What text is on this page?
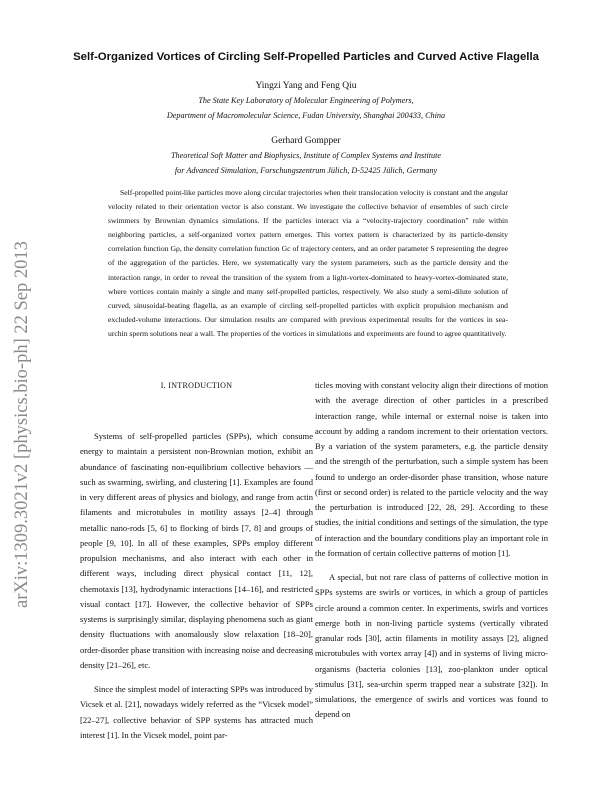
arXiv:1309.3021v2 [physics.bio-ph] 22 Sep 2013
Self-Organized Vortices of Circling Self-Propelled Particles and Curved Active Flagella
Yingzi Yang and Feng Qiu
The State Key Laboratory of Molecular Engineering of Polymers,
Department of Macromolecular Science, Fudan University, Shanghai 200433, China
Gerhard Gompper
Theoretical Soft Matter and Biophysics, Institute of Complex Systems and Institute
for Advanced Simulation, Forschungszentrum Jülich, D-52425 Jülich, Germany
Self-propelled point-like particles move along circular trajectories when their translocation velocity is constant and the angular velocity related to their orientation vector is also constant. We investigate the collective behavior of ensembles of such circle swimmers by Brownian dynamics simulations. If the particles interact via a “velocity-trajectory coordination” rule within neighboring particles, a self-organized vortex pattern emerges. This vortex pattern is characterized by its particle-density correlation function Gρ, the density correlation function Gc of trajectory centers, and an order parameter S representing the degree of the aggregation of the particles. Here, we systematically vary the system parameters, such as the particle density and the interaction range, in order to reveal the transition of the system from a light-vortex-dominated to heavy-vortex-dominated state, where vortices contain mainly a single and many self-propelled particles, respectively. We also study a semi-dilute solution of curved, sinusoidal-beating flagella, as an example of circling self-propelled particles with explicit propulsion mechanism and excluded-volume interactions. Our simulation results are compared with previous experimental results for the vortices in sea-urchin sperm solutions near a wall. The properties of the vortices in simulations and experiments are found to agree quantitatively.
I. INTRODUCTION

Systems of self-propelled particles (SPPs), which consume energy to maintain a persistent non-Brownian motion, exhibit an abundance of fascinating non-equilibrium collective behaviors — such as swarming, swirling, and clustering [1]. Examples are found in very different areas of physics and biology, and range from actin filaments and microtubules in motility assays [2–4] through metallic nano-rods [5, 6] to flocking of birds [7, 8] and groups of people [9, 10]. In all of these examples, SPPs employ different propulsion mechanisms, and also interact with each other in different ways, including direct physical contact [11, 12], chemotaxis [13], hydrodynamic interactions [14–16], and restricted visual contact [17]. However, the collective behavior of SPPs systems is surprisingly similar, displaying phenomena such as giant density fluctuations with anomalously slow relaxation [18–20], order-disorder phase transition with increasing noise and decreasing density [21–26], etc.

Since the simplest model of interacting SPPs was introduced by Vicsek et al. [21], nowadays widely referred as the “Vicsek model” [22–27], collective behavior of SPP systems has attracted much interest [1]. In the Vicsek model, point par-

ticles moving with constant velocity align their directions of motion with the average direction of other particles in a prescribed interaction range, while internal or external noise is taken into account by adding a random increment to their orientation vectors. By a variation of the system parameters, e.g. the particle density and the strength of the perturbation, such a simple system has been found to undergo an order-disorder phase transition, whose nature (first or second order) is related to the particle velocity and the way the perturbation is introduced [22, 28, 29]. According to these studies, the initial conditions and settings of the simulation, the type of interaction and the boundary conditions play an important role in the formation of certain collective patterns of motion [1].

A special, but not rare class of patterns of collective motion in SPPs systems are swirls or vortices, in which a group of particles circle around a common center. In experiments, swirls and vortices emerge both in non-living particle systems (vertically vibrated granular rods [30], actin filaments in motility assays [2], aligned microtubules with vortex array [4]) and in systems of living micro-organisms (bacteria colonies [13], zoo-plankton under optical stimulus [31], sea-urchin sperm trapped near a substrate [32]). In simulations, the emergence of swirls and vortices was found to depend on
